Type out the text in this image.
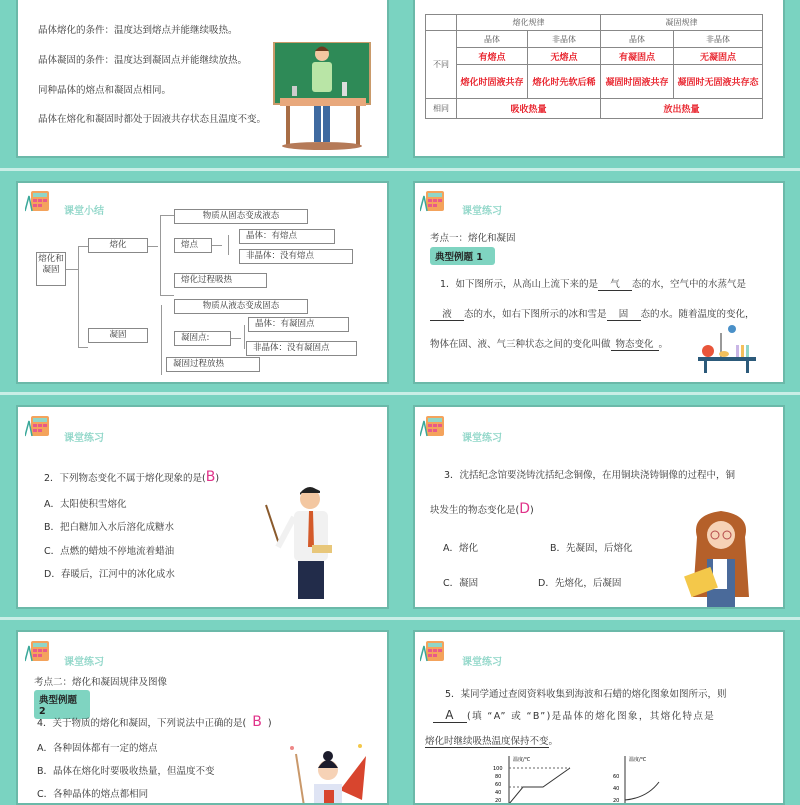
晶体熔化的条件：温度达到熔点并能继续吸热。
晶体凝固的条件：温度达到凝固点并能继续放热。
同种晶体的熔点和凝固点相同。
晶体在熔化和凝固时都处于固液共存状态且温度不变。
	熔化规律		凝固规律	
不同	晶体	非晶体	晶体	非晶体
	有熔点	无熔点	有凝固点	无凝固点
	熔化时固液共存	熔化时先软后稀	凝固时固液共存	凝固时无固液共存态
相同	吸收热量		放出热量	
课堂小结
熔化和凝固
熔化
凝固
物质从固态变成液态
熔点
晶体：有熔点
非晶体：没有熔点
熔化过程吸热
物质从液态变成固态
凝固点:
晶体：有凝固点
非晶体：没有凝固点
凝固过程放热
课堂练习
考点一：熔化和凝固
典型例题 1
1．如下图所示，从高山上流下来的是 气 态的水，空气中的水蒸气是
液 态的水，如右下图所示的冰和雪是 固 态的水。随着温度的变化，
物体在固、液、气三种状态之间的变化叫做 物态变化 。
课堂练习
2．下列物态变化不属于熔化现象的是(B)
A．太阳使积雪熔化
B．把白糖加入水后溶化成糖水
C．点燃的蜡烛不停地流着蜡油
D．春暖后，江河中的冰化成水
课堂练习
3．沈括纪念馆要浇铸沈括纪念铜像，在用铜块浇铸铜像的过程中，铜
块发生的物态变化是(D)
A．熔化	B．先凝固，后熔化
C．凝固	D．先熔化，后凝固
课堂练习
考点二：熔化和凝固规律及图像
典型例题 2
4．关于物质的熔化和凝固，下列说法中正确的是( B )
A．各种固体都有一定的熔点
B．晶体在熔化时要吸收热量，但温度不变
C．各种晶体的熔点都相同
课堂练习
5．某同学通过查阅资料收集到海波和石蜡的熔化图象如图所示，则
A (填 “A” 或 “B”)是晶体的熔化图象，其熔化特点是
熔化时继续吸热温度保持不变。
温度/℃
100
80
60
40
20
温度/℃
60
40
20
